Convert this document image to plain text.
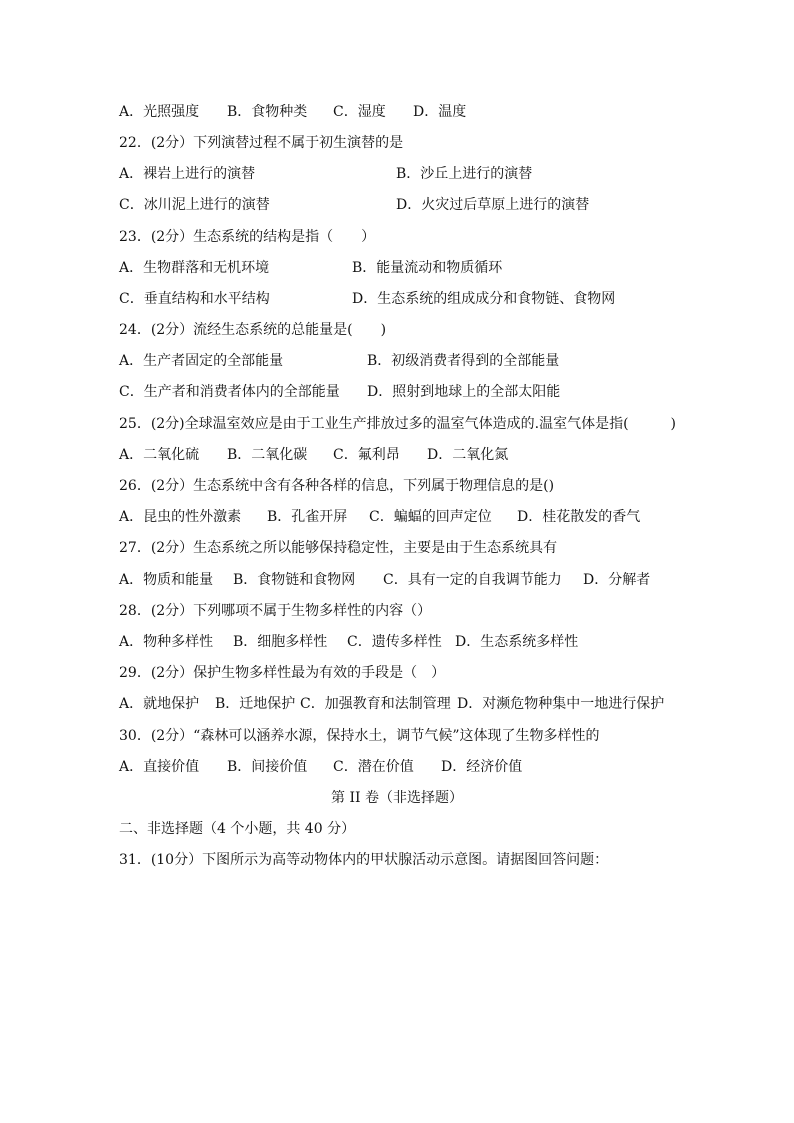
A．光照强度 B．食物种类 C．湿度 D．温度
22．(2分）下列演替过程不属于初生演替的是
A．裸岩上进行的演替	B．沙丘上进行的演替
C．冰川泥上进行的演替	D．火灾过后草原上进行的演替
23．(2分）生态系统的结构是指（　　）
A．生物群落和无机环境	B．能量流动和物质循环
C．垂直结构和水平结构	D．生态系统的组成成分和食物链、食物网
24．(2分）流经生态系统的总能量是(　　)
A．生产者固定的全部能量	B．初级消费者得到的全部能量
C．生产者和消费者体内的全部能量 D．照射到地球上的全部太阳能
25．(2分)全球温室效应是由于工业生产排放过多的温室气体造成的.温室气体是指(　　　)
A．二氧化硫 B．二氧化碳 C．氟利昂 D．二氧化氮
26．(2分）生态系统中含有各种各样的信息，下列属于物理信息的是()
A．昆虫的性外激素 B．孔雀开屏 C．蝙蝠的回声定位 D．桂花散发的香气
27．(2分）生态系统之所以能够保持稳定性，主要是由于生态系统具有
A．物质和能量 B．食物链和食物网 C．具有一定的自我调节能力 D．分解者
28．(2分）下列哪项不属于生物多样性的内容（）
A．物种多样性 B．细胞多样性 C．遗传多样性 D．生态系统多样性
29．(2分）保护生物多样性最为有效的手段是（　）
A．就地保护 B．迁地保护 C．加强教育和法制管理 D．对濒危物种集中一地进行保护
30．(2分）“森林可以涵养水源，保持水土，调节气候”这体现了生物多样性的
A．直接价值 B．间接价值 C．潜在价值 D．经济价值
第 II 卷（非选择题）
二、非选择题（4 个小题，共 40 分）
31．(10分）下图所示为高等动物体内的甲状腺活动示意图。请据图回答问题：
